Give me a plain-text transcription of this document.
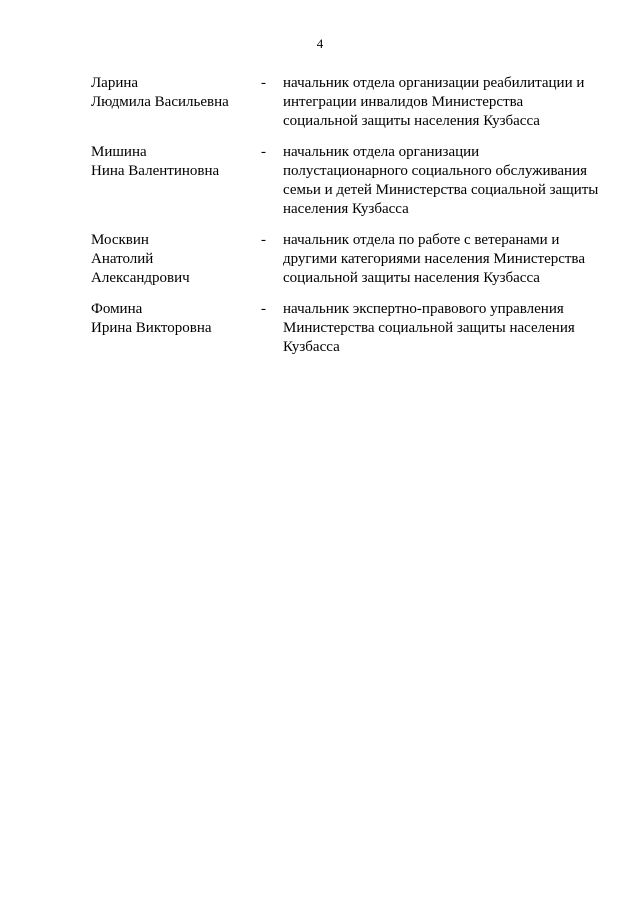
4
Ларина
Людмила Васильевна
-	начальник отдела организации реабилитации и интеграции инвалидов Министерства социальной защиты населения Кузбасса
Мишина
Нина Валентиновна
-	начальник отдела организации полустационарного социального обслуживания семьи и детей Министерства социальной защиты населения Кузбасса
Москвин
Анатолий
Александрович
-	начальник отдела по работе с ветеранами и другими категориями населения Министерства социальной защиты населения Кузбасса
Фомина
Ирина Викторовна
-	начальник экспертно-правового управления Министерства социальной защиты населения Кузбасса
